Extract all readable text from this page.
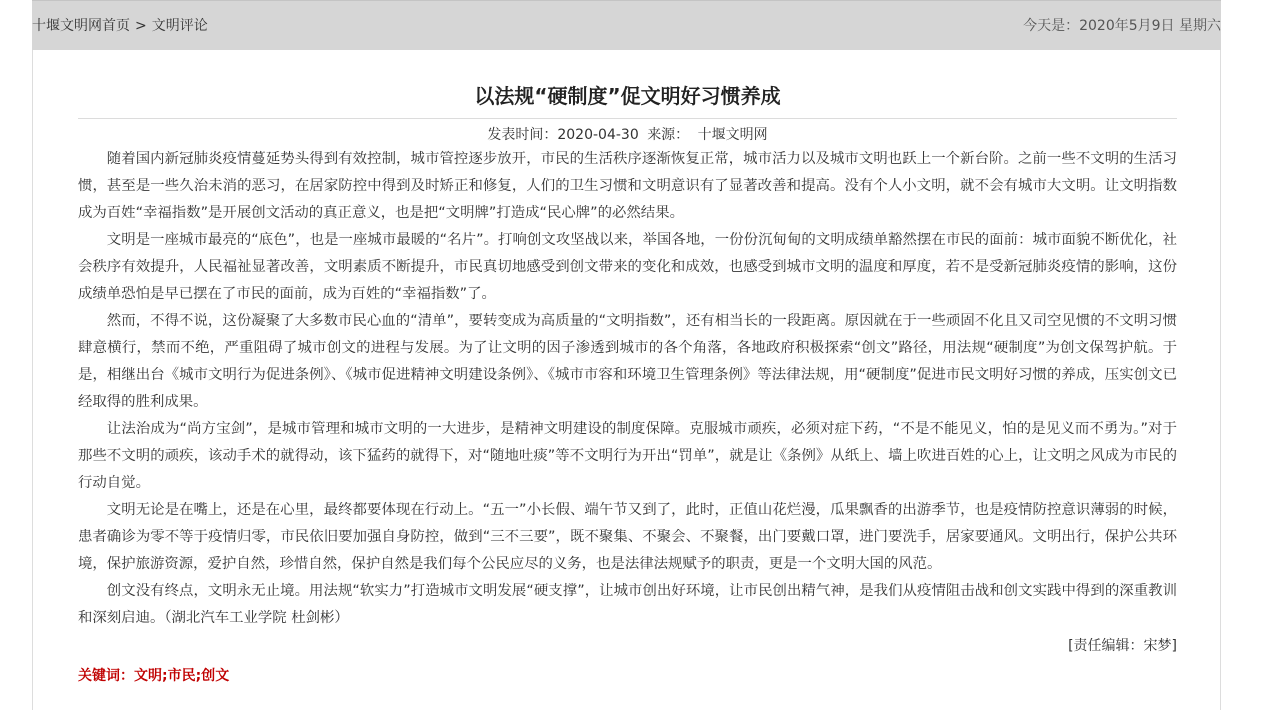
十堰文明网首页 > 文明评论	今天是：2020年5月9日 星期六
以法规“硬制度”促文明好习惯养成
发表时间：2020-04-30 来源： 十堰文明网

随着国内新冠肺炎疫情蔓延势头得到有效控制，城市管控逐步放开，市民的生活秩序逐渐恢复正常，城市活力以及城市文明也跃上一个新台阶。之前一些不文明的生活习惯，甚至是一些久治未消的恶习，在居家防控中得到及时矫正和修复，人们的卫生习惯和文明意识有了显著改善和提高。没有个人小文明，就不会有城市大文明。让文明指数成为百姓“幸福指数”是开展创文活动的真正意义，也是把“文明牌”打造成“民心牌”的必然结果。

文明是一座城市最亮的“底色”，也是一座城市最暖的“名片”。打响创文攻坚战以来，举国各地，一份份沉甸甸的文明成绩单豁然摆在市民的面前：城市面貌不断优化，社会秩序有效提升，人民福祉显著改善，文明素质不断提升，市民真切地感受到创文带来的变化和成效，也感受到城市文明的温度和厚度，若不是受新冠肺炎疫情的影响，这份成绩单恐怕是早已摆在了市民的面前，成为百姓的“幸福指数”了。

然而，不得不说，这份凝聚了大多数市民心血的“清单”，要转变成为高质量的“文明指数”，还有相当长的一段距离。原因就在于一些顽固不化且又司空见惯的不文明习惯肆意横行，禁而不绝，严重阻碍了城市创文的进程与发展。为了让文明的因子渗透到城市的各个角落，各地政府积极探索“创文”路径，用法规“硬制度”为创文保驾护航。于是，相继出台《城市文明行为促进条例》、《城市促进精神文明建设条例》、《城市市容和环境卫生管理条例》等法律法规，用“硬制度”促进市民文明好习惯的养成，压实创文已经取得的胜利成果。

让法治成为“尚方宝剑”，是城市管理和城市文明的一大进步，是精神文明建设的制度保障。克服城市顽疾，必须对症下药，“不是不能见义，怕的是见义而不勇为。”对于那些不文明的顽疾，该动手术的就得动，该下猛药的就得下，对“随地吐痰”等不文明行为开出“罚单”，就是让《条例》从纸上、墙上吹进百姓的心上，让文明之风成为市民的行动自觉。

文明无论是在嘴上，还是在心里，最终都要体现在行动上。“五一”小长假、端午节又到了，此时，正值山花烂漫，瓜果飘香的出游季节，也是疫情防控意识薄弱的时候，患者确诊为零不等于疫情归零，市民依旧要加强自身防控，做到“三不三要”，既不聚集、不聚会、不聚餐，出门要戴口罩，进门要洗手，居家要通风。文明出行，保护公共环境，保护旅游资源，爱护自然，珍惜自然，保护自然是我们每个公民应尽的义务，也是法律法规赋予的职责，更是一个文明大国的风范。

创文没有终点，文明永无止境。用法规“软实力”打造城市文明发展“硬支撑”，让城市创出好环境，让市民创出精气神，是我们从疫情阻击战和创文实践中得到的深重教训和深刻启迪。（湖北汽车工业学院 杜剑彬）

[责任编辑：宋梦]
关键词：文明;市民;创文
